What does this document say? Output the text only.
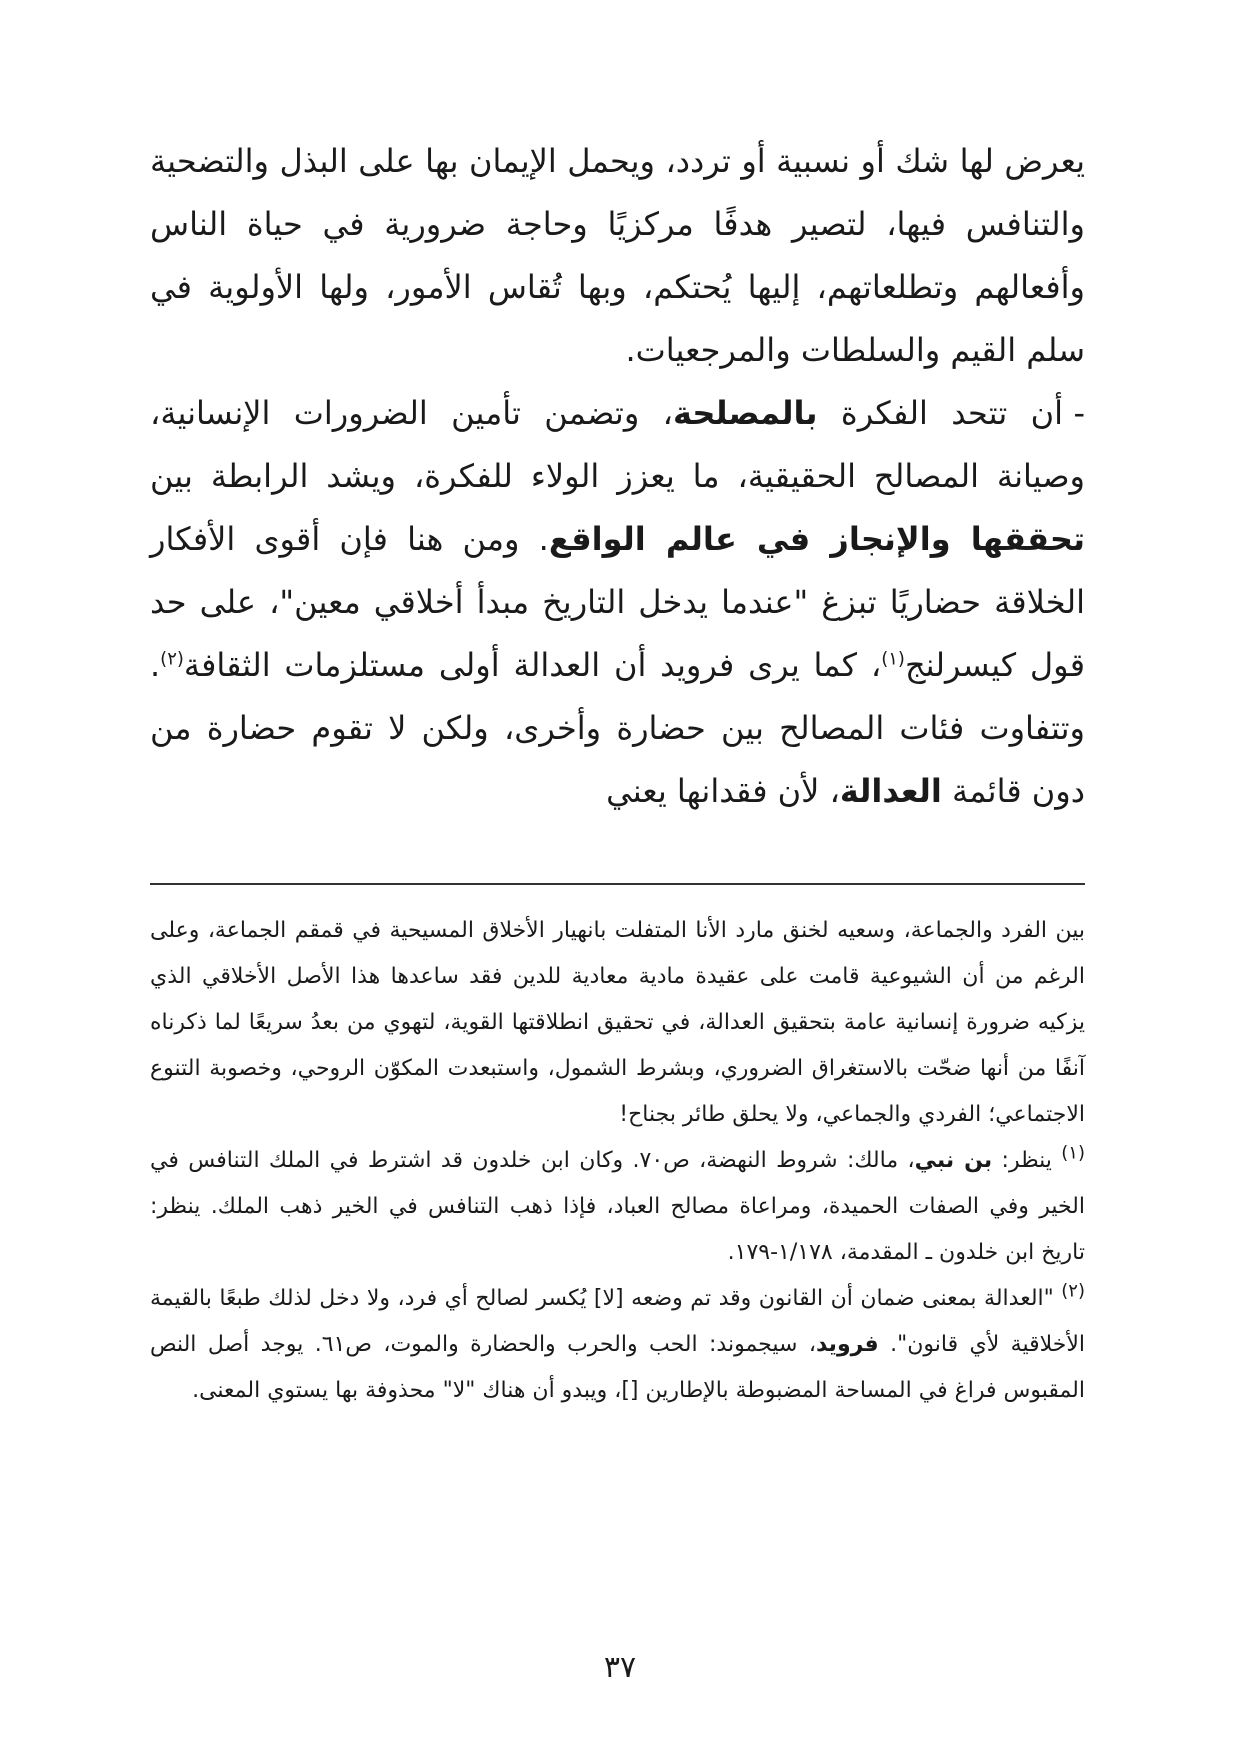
يعرض لها شك أو نسبية أو تردد، ويحمل الإيمان بها على البذل والتضحية والتنافس فيها، لتصير هدفًا مركزيًا وحاجة ضرورية في حياة الناس وأفعالهم وتطلعاتهم، إليها يُحتكم، وبها تُقاس الأمور، ولها الأولوية في سلم القيم والسلطات والمرجعيات.

-أن تتحد الفكرة بالمصلحة، وتضمن تأمين الضرورات الإنسانية، وصيانة المصالح الحقيقية، ما يعزز الولاء للفكرة، ويشد الرابطة بين تحققها والإنجاز في عالم الواقع. ومن هنا فإن أقوى الأفكار الخلاقة حضاريًا تبزغ "عندما يدخل التاريخ مبدأ أخلاقي معين"، على حد قول كيسرلنج$^{(١)}$، كما يرى فرويد أن العدالة أولى مستلزمات الثقافة$^{(٢)}$. وتتفاوت فئات المصالح بين حضارة وأخرى، ولكن لا تقوم حضارة من دون قائمة العدالة، لأن فقدانها يعني

بين الفرد والجماعة، وسعيه لخنق مارد الأنا المتفلت بانهيار الأخلاق المسيحية في قمقم الجماعة، وعلى الرغم من أن الشيوعية قامت على عقيدة مادية معادية للدين فقد ساعدها هذا الأصل الأخلاقي الذي يزكيه ضرورة إنسانية عامة بتحقيق العدالة، في تحقيق انطلاقتها القوية، لتهوي من بعدُ سريعًا لما ذكرناه آنفًا من أنها ضحّت بالاستغراق الضروري، وبشرط الشمول، واستبعدت المكوّن الروحي، وخصوبة التنوع الاجتماعي؛ الفردي والجماعي، ولا يحلق طائر بجناح!

$^{(١)}$ ينظر: بن نبي، مالك: شروط النهضة، ص٧٠. وكان ابن خلدون قد اشترط في الملك التنافس في الخير وفي الصفات الحميدة، ومراعاة مصالح العباد، فإذا ذهب التنافس في الخير ذهب الملك. ينظر: تاريخ ابن خلدون ـ المقدمة، ١/١٧٨-١٧٩.

$^{(٢)}$ "العدالة بمعنى ضمان أن القانون وقد تم وضعه [لا] يُكسر لصالح أي فرد، ولا دخل لذلك طبعًا بالقيمة الأخلاقية لأي قانون". فرويد، سيجموند: الحب والحرب والحضارة والموت، ص٦١. يوجد أصل النص المقبوس فراغ في المساحة المضبوطة بالإطارين []، ويبدو أن هناك "لا" محذوفة بها يستوي المعنى.

٣٧
